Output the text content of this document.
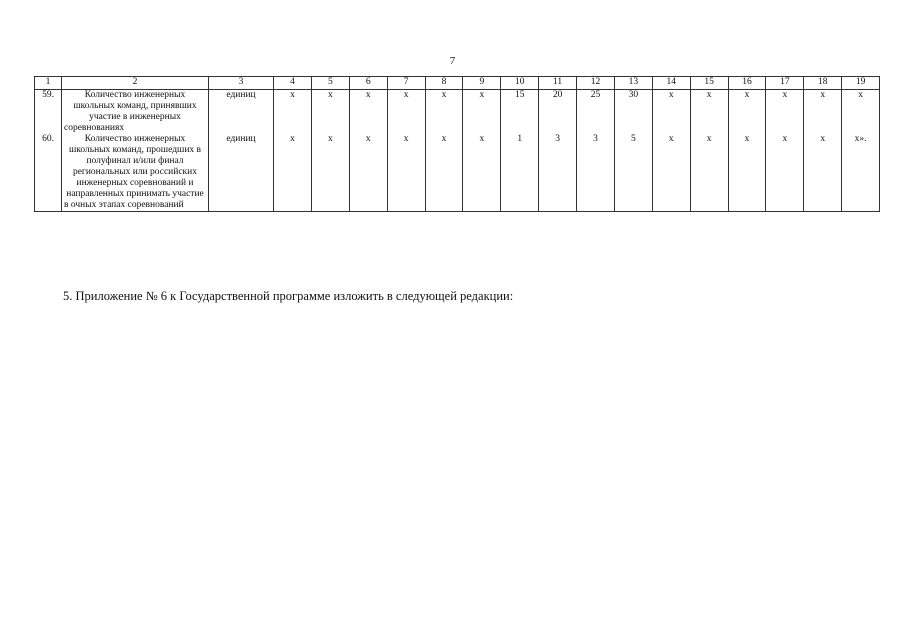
7
1	2	3	4	5	6	7	8	9	10	11	12	13	14	15	16	17	18	19
59.	Количество инженерных школьных команд, принявших участие в инженерных соревнованиях	единиц	x	x	x	x	x	x	15	20	25	30	x	x	x	x	x	x
60.	Количество инженерных школьных команд, прошедших в полуфинал и/или финал региональных или российских инженерных соревнований и направленных принимать участие в очных этапах соревнований	единиц	x	x	x	x	x	x	1	3	3	5	x	x	x	x	x	x».
5. Приложение № 6 к Государственной программе изложить в следующей редакции:
